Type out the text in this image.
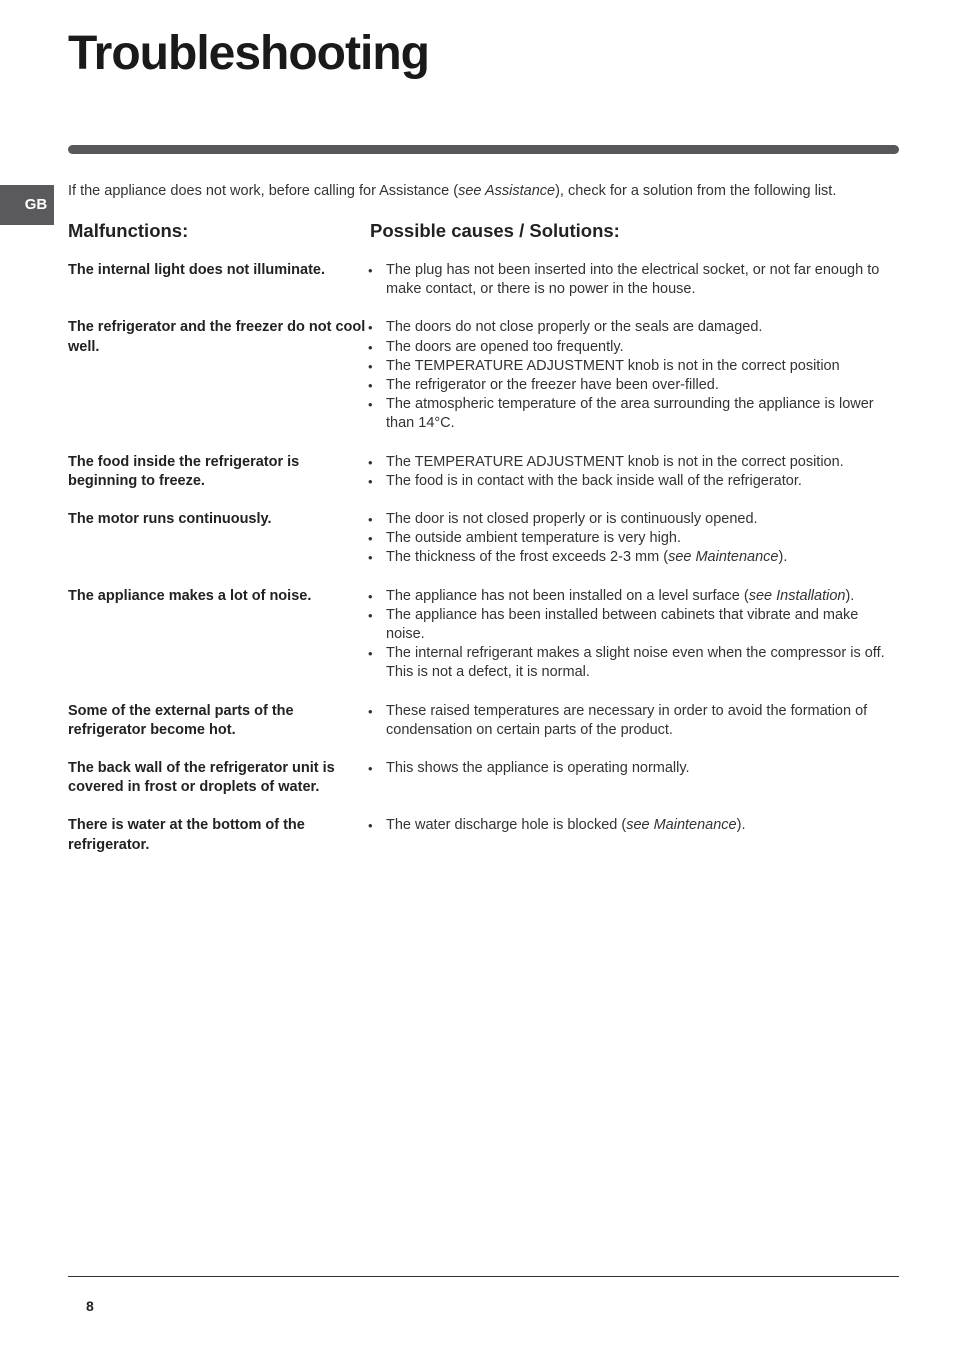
Troubleshooting
GB
If the appliance does not work, before calling for Assistance (see Assistance), check for a solution from the following list.
Malfunctions:	Possible causes / Solutions:
The internal light does not illuminate.	• The plug has not been inserted into the electrical socket, or not far enough to make contact, or there is no power in the house.
The refrigerator and the freezer do not cool well.
• The doors do not close properly or the seals are damaged.
• The doors are opened too frequently.
• The TEMPERATURE ADJUSTMENT knob is not in the correct position
• The refrigerator or the freezer have been over-filled.
• The atmospheric temperature of the area surrounding the appliance is lower than 14°C.
The food inside the refrigerator is beginning to freeze.
• The TEMPERATURE ADJUSTMENT knob is not in the correct position.
• The food is in contact with the back inside wall of the refrigerator.
The motor runs continuously.	• The door is not closed properly or is continuously opened.
• The outside ambient temperature is very high.
• The thickness of the frost exceeds 2-3 mm (see Maintenance).
The appliance makes a lot of noise.	• The appliance has not been installed on a level surface (see Installation).
• The appliance has been installed between cabinets that vibrate and make noise.
• The internal refrigerant makes a slight noise even when the compressor is off. This is not a defect, it is normal.
Some of the external parts of the refrigerator become hot.
• These raised temperatures are necessary in order to avoid the formation of condensation on certain parts of the product.
The back wall of the refrigerator unit is covered in frost or droplets of water.
• This shows the appliance is operating normally.
There is water at the bottom of the refrigerator.
• The water discharge hole is blocked (see Maintenance).
8
